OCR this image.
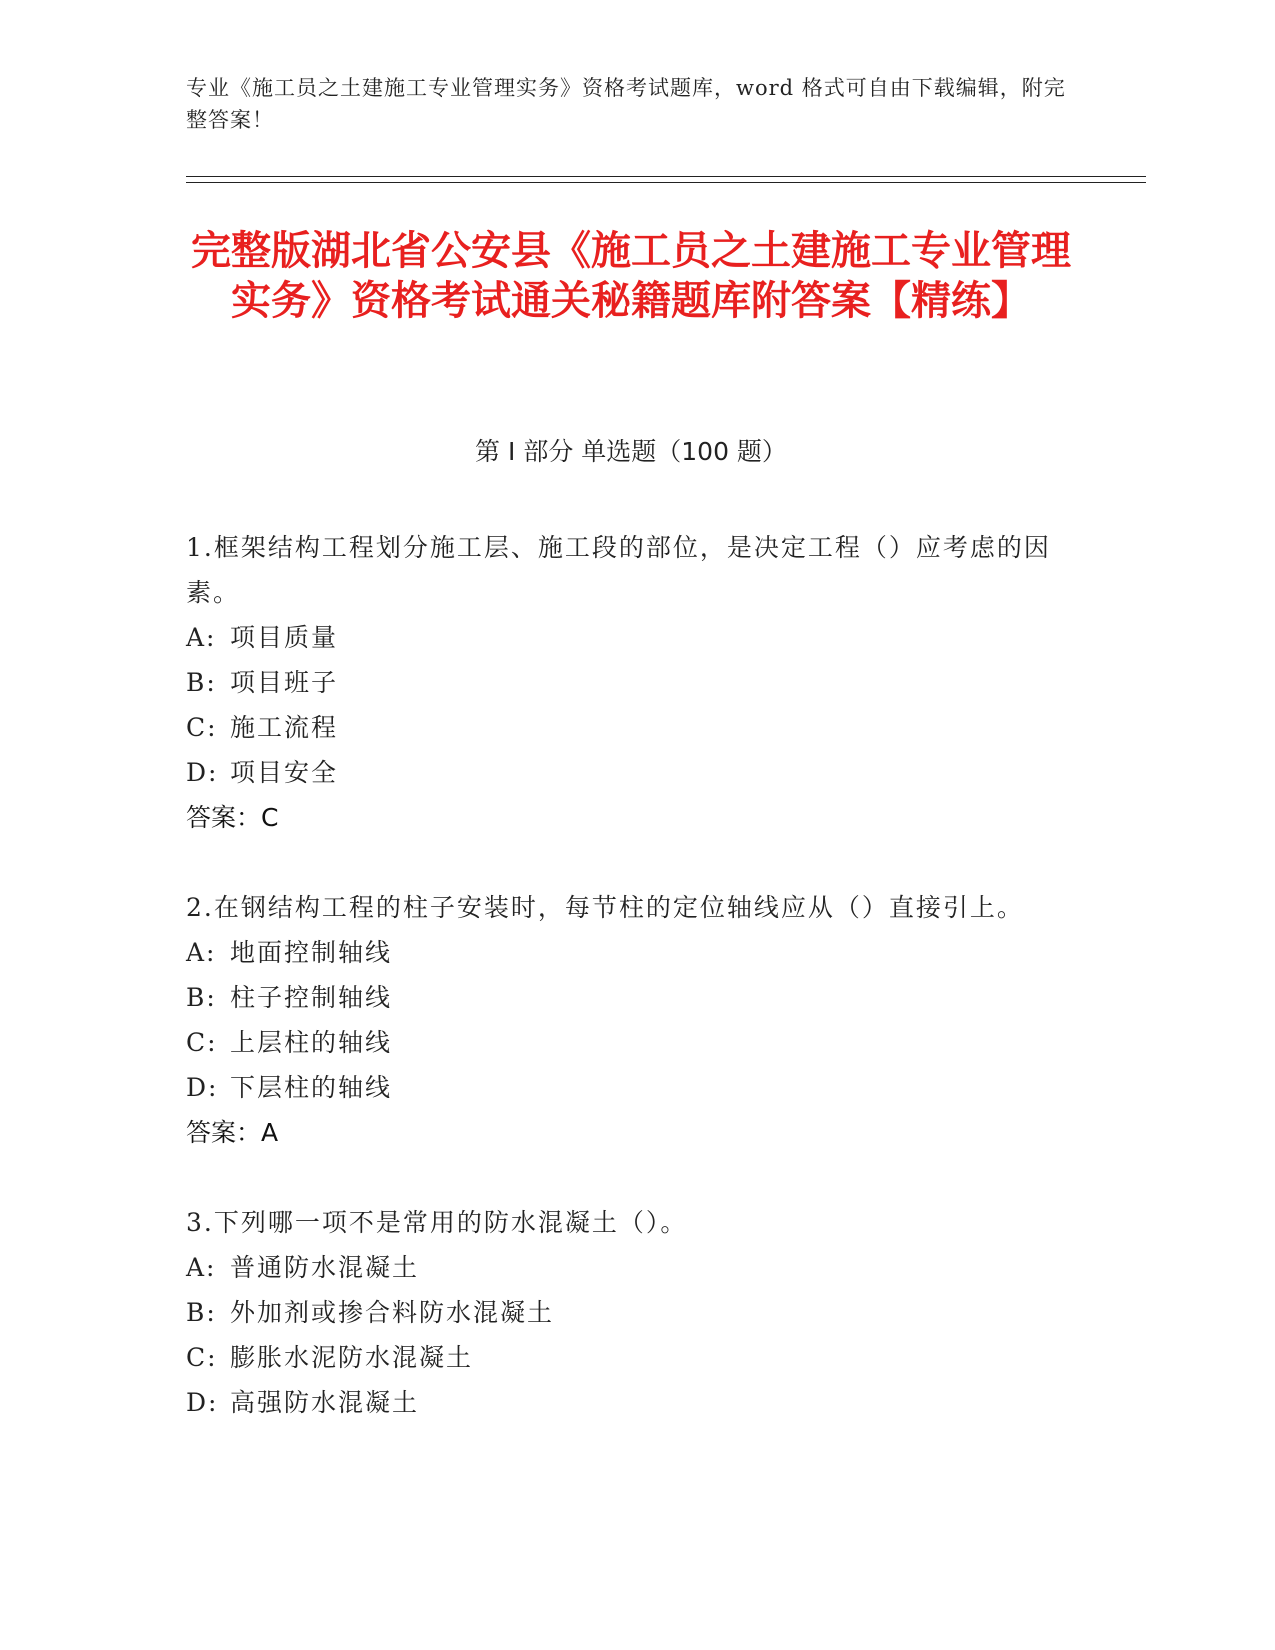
专业《施工员之土建施工专业管理实务》资格考试题库，word 格式可自由下载编辑，附完整答案！
完整版湖北省公安县《施工员之土建施工专业管理实务》资格考试通关秘籍题库附答案【精练】
第 I 部分 单选题（100 题）
1.框架结构工程划分施工层、施工段的部位，是决定工程（）应考虑的因素。
A: 项目质量
B: 项目班子
C: 施工流程
D: 项目安全
答案：C
2.在钢结构工程的柱子安装时，每节柱的定位轴线应从（）直接引上。
A: 地面控制轴线
B: 柱子控制轴线
C: 上层柱的轴线
D: 下层柱的轴线
答案：A
3.下列哪一项不是常用的防水混凝土（）。
A: 普通防水混凝土
B: 外加剂或掺合料防水混凝土
C: 膨胀水泥防水混凝土
D: 高强防水混凝土
